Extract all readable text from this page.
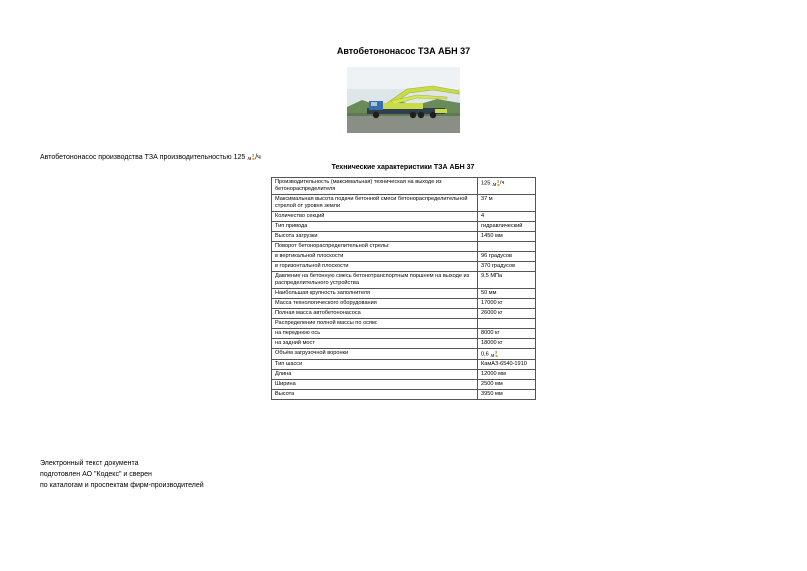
Автобетононасос ТЗА АБН 37
Автобетононасос производства ТЗА производительностью 125 м
3 /ч
Технические характеристики ТЗА АБН 37
Производительность (максимальная) техническая на выходе из бетонораспределителя	125 м
3 /ч
Максимальная высота подачи бетонной смеси бетонораспределительной стрелой от уровня земли	37 м
Количество секций	4
Тип привода	гидравлический
Высота загрузки	1450 мм
Поворот бетонораспределительной стрелы:	
в вертикальной плоскости	96 градусов
в горизонтальной плоскости	370 градусов
Давление на бетонную смесь бетонотранспортным поршнем на выходе из распределительного устройства	9,5 МПа
Наибольшая крупность заполнителя	50 мм
Масса технологического оборудования	17000 кг
Полная масса автобетононасоса	26000 кг
Распределение полной массы по осям:	
на переднюю ось	8000 кг
на задний мост	18000 кг
Объём загрузочной воронки	0,6 м
3

Тип шасси	КамАЗ-6540-1910
Длина	12000 мм
Ширина	2500 мм
Высота	3950 мм
Электронный текст документа
подготовлен АО "Кодекс" и сверен
по каталогам и проспектам фирм-производителей
